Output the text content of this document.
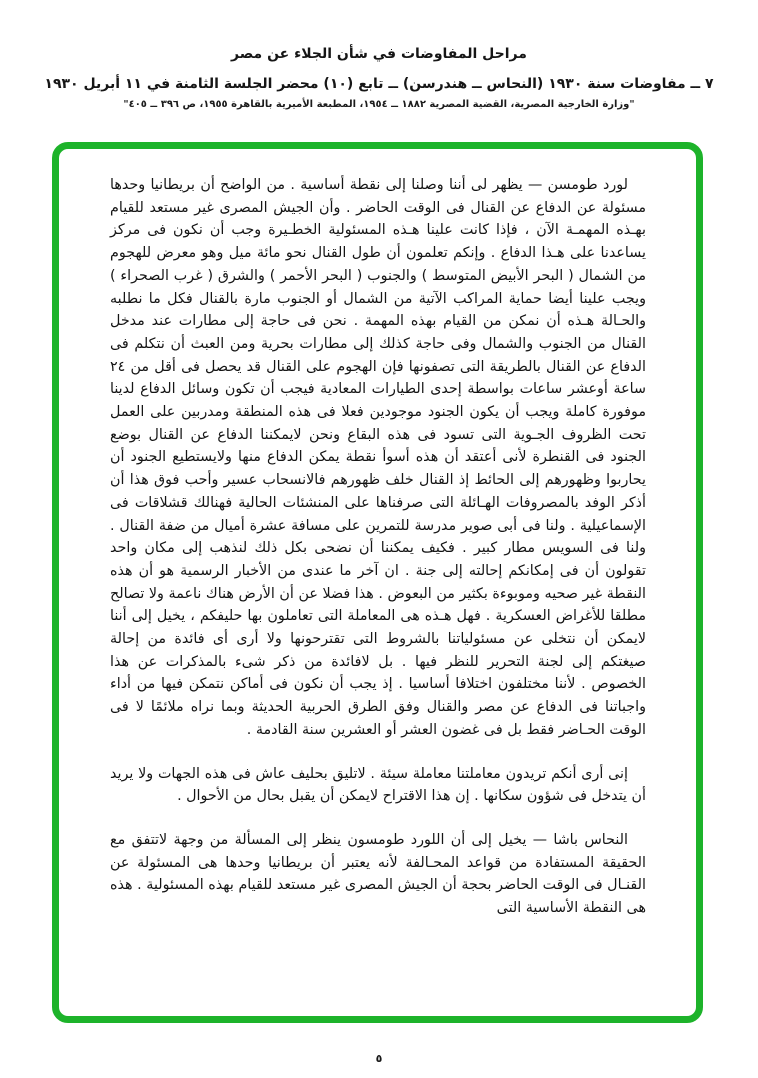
مراحل المفاوضات في شأن الجلاء عن مصر

٧ ــ مفاوضات سنة ١٩٣٠ (النحاس ــ هندرسن) ــ تابع (١٠) محضر الجلسة الثامنة في ١١ أبريل ١٩٣٠

"وزارة الخارجية المصرية، القضية المصرية ١٨٨٢ ــ ١٩٥٤، المطبعة الأميرية بالقاهرة ١٩٥٥، ص ٣٩٦ ــ ٤٠٥"

لورد طومسن — يظهر لى أننا وصلنا إلى نقطة أساسية . من الواضح أن بريطانيا وحدها مسئولة عن الدفاع عن القنال فى الوقت الحاضر . وأن الجيش المصرى غير مستعد للقيام بهـذه المهمـة الآن ، فإذا كانت علينا هـذه المسئولية الخطـيرة وجب أن نكون فى مركز يساعدنا على هـذا الدفاع . وإنكم تعلمون أن طول القنال نحو مائة ميل وهو معرض للهجوم من الشمال ( البحر الأبيض المتوسط ) والجنوب ( البحر الأحمر ) والشرق ( غرب الصحراء ) ويجب علينا أيضا حماية المراكب الآتية من الشمال أو الجنوب مارة بالقنال فكل ما نطلبه والحـالة هـذه أن نمكن من القيام بهذه المهمة . نحن فى حاجة إلى مطارات عند مدخل القنال من الجنوب والشمال وفى حاجة كذلك إلى مطارات بحرية ومن العبث أن نتكلم فى الدفاع عن القنال بالطريقة التى تصفونها فإن الهجوم على القنال قد يحصل فى أقل من ٢٤ ساعة أوعشر ساعات بواسطة إحدى الطيارات المعادية فيجب أن تكون وسائل الدفاع لدينا موفورة كاملة ويجب أن يكون الجنود موجودين فعلا فى هذه المنطقة ومدربين على العمل تحت الظروف الجـوية التى تسود فى هذه البقاع ونحن لايمكننا الدفاع عن القنال بوضع الجنود فى القنطرة لأنى أعتقد أن هذه أسوأ نقطة يمكن الدفاع منها ولايستطيع الجنود أن يحاربوا وظهورهم إلى الحائط إذ القنال خلف ظهورهم فالانسحاب عسير وأحب فوق هذا أن أذكر الوفد بالمصروفات الهـائلة التى صرفناها على المنشئات الحالية فهنالك قشلاقات فى الإسماعيلية . ولنا فى أبى صوير مدرسة للتمرين على مسافة عشرة أميال من ضفة القنال . ولنا فى السويس مطار كبير . فكيف يمكننا أن نضحى بكل ذلك لنذهب إلى مكان واحد تقولون أن فى إمكانكم إحالته إلى جنة . ان آخر ما عندى من الأخبار الرسمية هو أن هذه النقطة غير صحيه وموبوءة بكثير من البعوض . هذا فضلا عن أن الأرض هناك ناعمة ولا تصالح مطلقا للأغراض العسكرية . فهل هـذه هى المعاملة التى تعاملون بها حليفكم ، يخيل إلى أننا لايمكن أن نتخلى عن مسئولياتنا بالشروط التى تقترحونها ولا أرى أى فائدة من إحالة صيغتكم إلى لجنة التحرير للنظر فيها . بل لافائدة من ذكر شىء بالمذكرات عن هذا الخصوص . لأننا مختلفون اختلافا أساسيا . إذ يجب أن نكون فى أماكن نتمكن فيها من أداء واجباتنا فى الدفاع عن مصر والقنال وفق الطرق الحربية الحديثة وبما نراه ملائمًا لا فى الوقت الحـاضر فقط بل فى غضون العشر أو العشرين سنة القادمة .

إنى أرى أنكم تريدون معاملتنا معاملة سيئة . لاتليق بحليف عاش فى هذه الجهات ولا يريد أن يتدخل فى شؤون سكانها . إن هذا الاقتراح لايمكن أن يقبل بحال من الأحوال .

النحاس باشا — يخيل إلى أن اللورد طومسون ينظر إلى المسألة من وجهة لاتتفق مع الحقيقة المستفادة من قواعد المحـالفة لأنه يعتبر أن بريطانيا وحدها هى المسئولة عن القنـال فى الوقت الحاضر بحجة أن الجيش المصرى غير مستعد للقيام بهذه المسئولية . هذه هى النقطة الأساسية التى

٥
